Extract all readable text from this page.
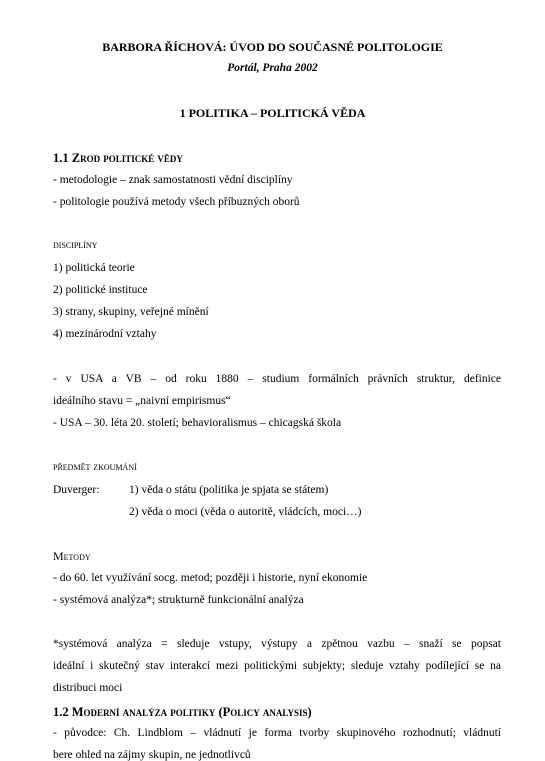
BARBORA ŘÍCHOVÁ: ÚVOD DO SOUČASNÉ POLITOLOGIE
Portál, Praha 2002
1 POLITIKA – POLITICKÁ VĚDA
1.1 Zrod politické vědy
- metodologie – znak samostatnosti vědní disciplíny
- politologie používá metody všech příbuzných oborů
disciplíny
1) politická teorie
2) politické instituce
3) strany, skupiny, veřejné mínění
4) mezinárodní vztahy
- v USA a VB – od roku 1880 – studium formálních právních struktur, definice
ideálního stavu = „naivní empirismus“
- USA – 30. léta 20. století; behavioralismus – chicagská škola
předmět zkoumání
Duverger:	1) věda o státu (politika je spjata se státem)
2) věda o moci (věda o autoritě, vládcích, moci…)
Metody
- do 60. let využívání socg. metod; později i historie, nyní ekonomie
- systémová analýza*; strukturně funkcionální analýza
*systémová analýza = sleduje vstupy, výstupy a zpětnou vazbu – snaží se popsat
ideální i skutečný stav interakcí mezi politickými subjekty; sleduje vztahy podílející se na
distribuci moci
1.2 Moderní analýza politiky (Policy analysis)
- původce: Ch. Lindblom – vládnutí je forma tvorby skupinového rozhodnutí; vládnutí
bere ohled na zájmy skupin, ne jednotlivců
